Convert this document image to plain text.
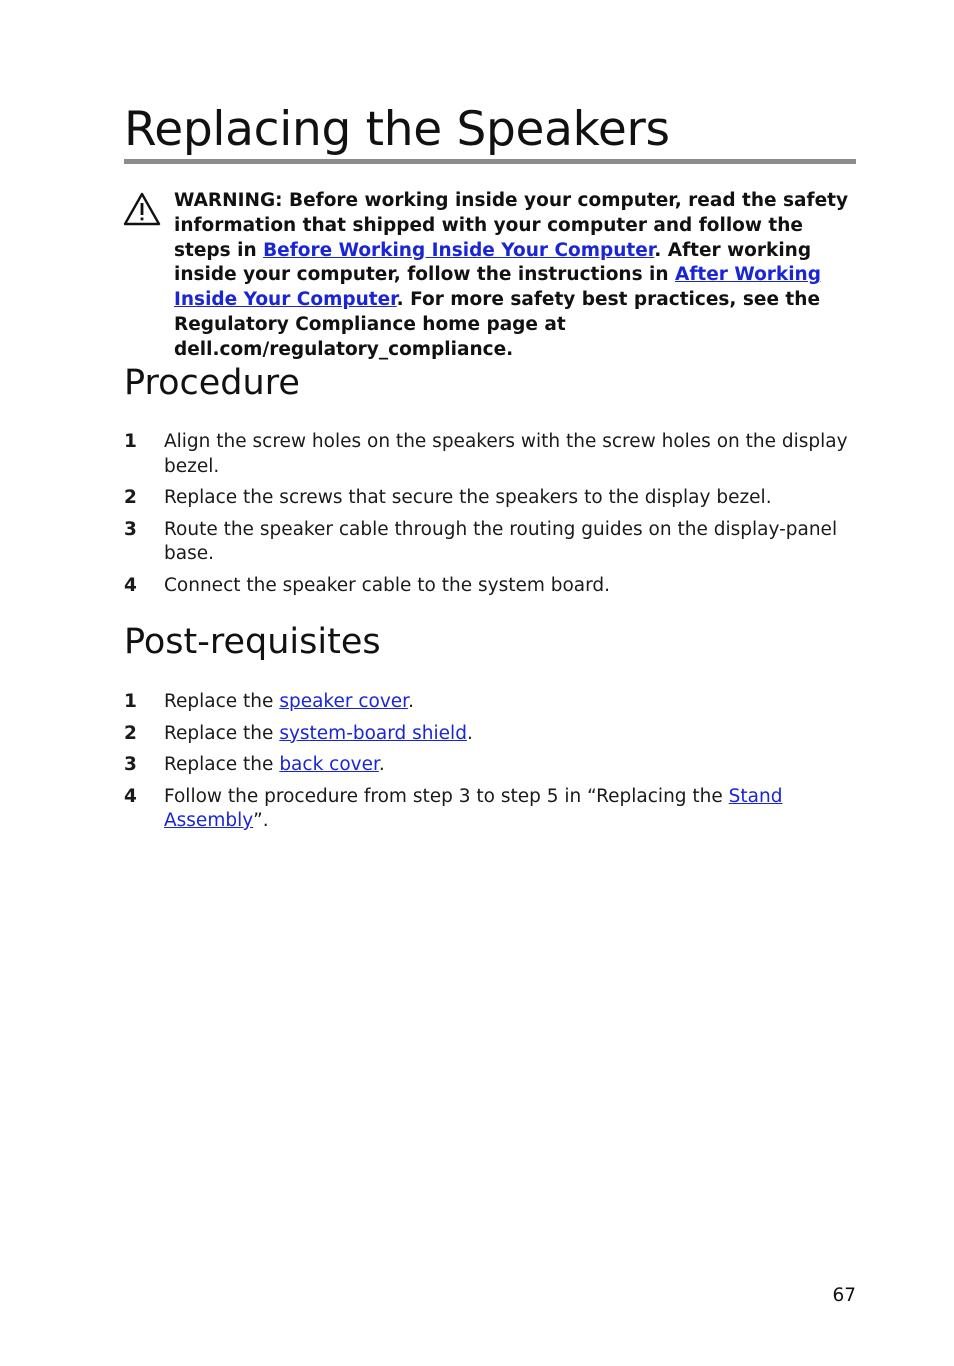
Replacing the Speakers

WARNING: Before working inside your computer, read the safety information that shipped with your computer and follow the steps in Before Working Inside Your Computer. After working inside your computer, follow the instructions in After Working Inside Your Computer. For more safety best practices, see the Regulatory Compliance home page at dell.com/regulatory_compliance.

Procedure
1 Align the screw holes on the speakers with the screw holes on the display bezel.
2 Replace the screws that secure the speakers to the display bezel.
3 Route the speaker cable through the routing guides on the display-panel base.
4 Connect the speaker cable to the system board.
Post-requisites
1 Replace the speaker cover.
2 Replace the system-board shield.
3 Replace the back cover.
4 Follow the procedure from step 3 to step 5 in “Replacing the Stand Assembly”.
67
